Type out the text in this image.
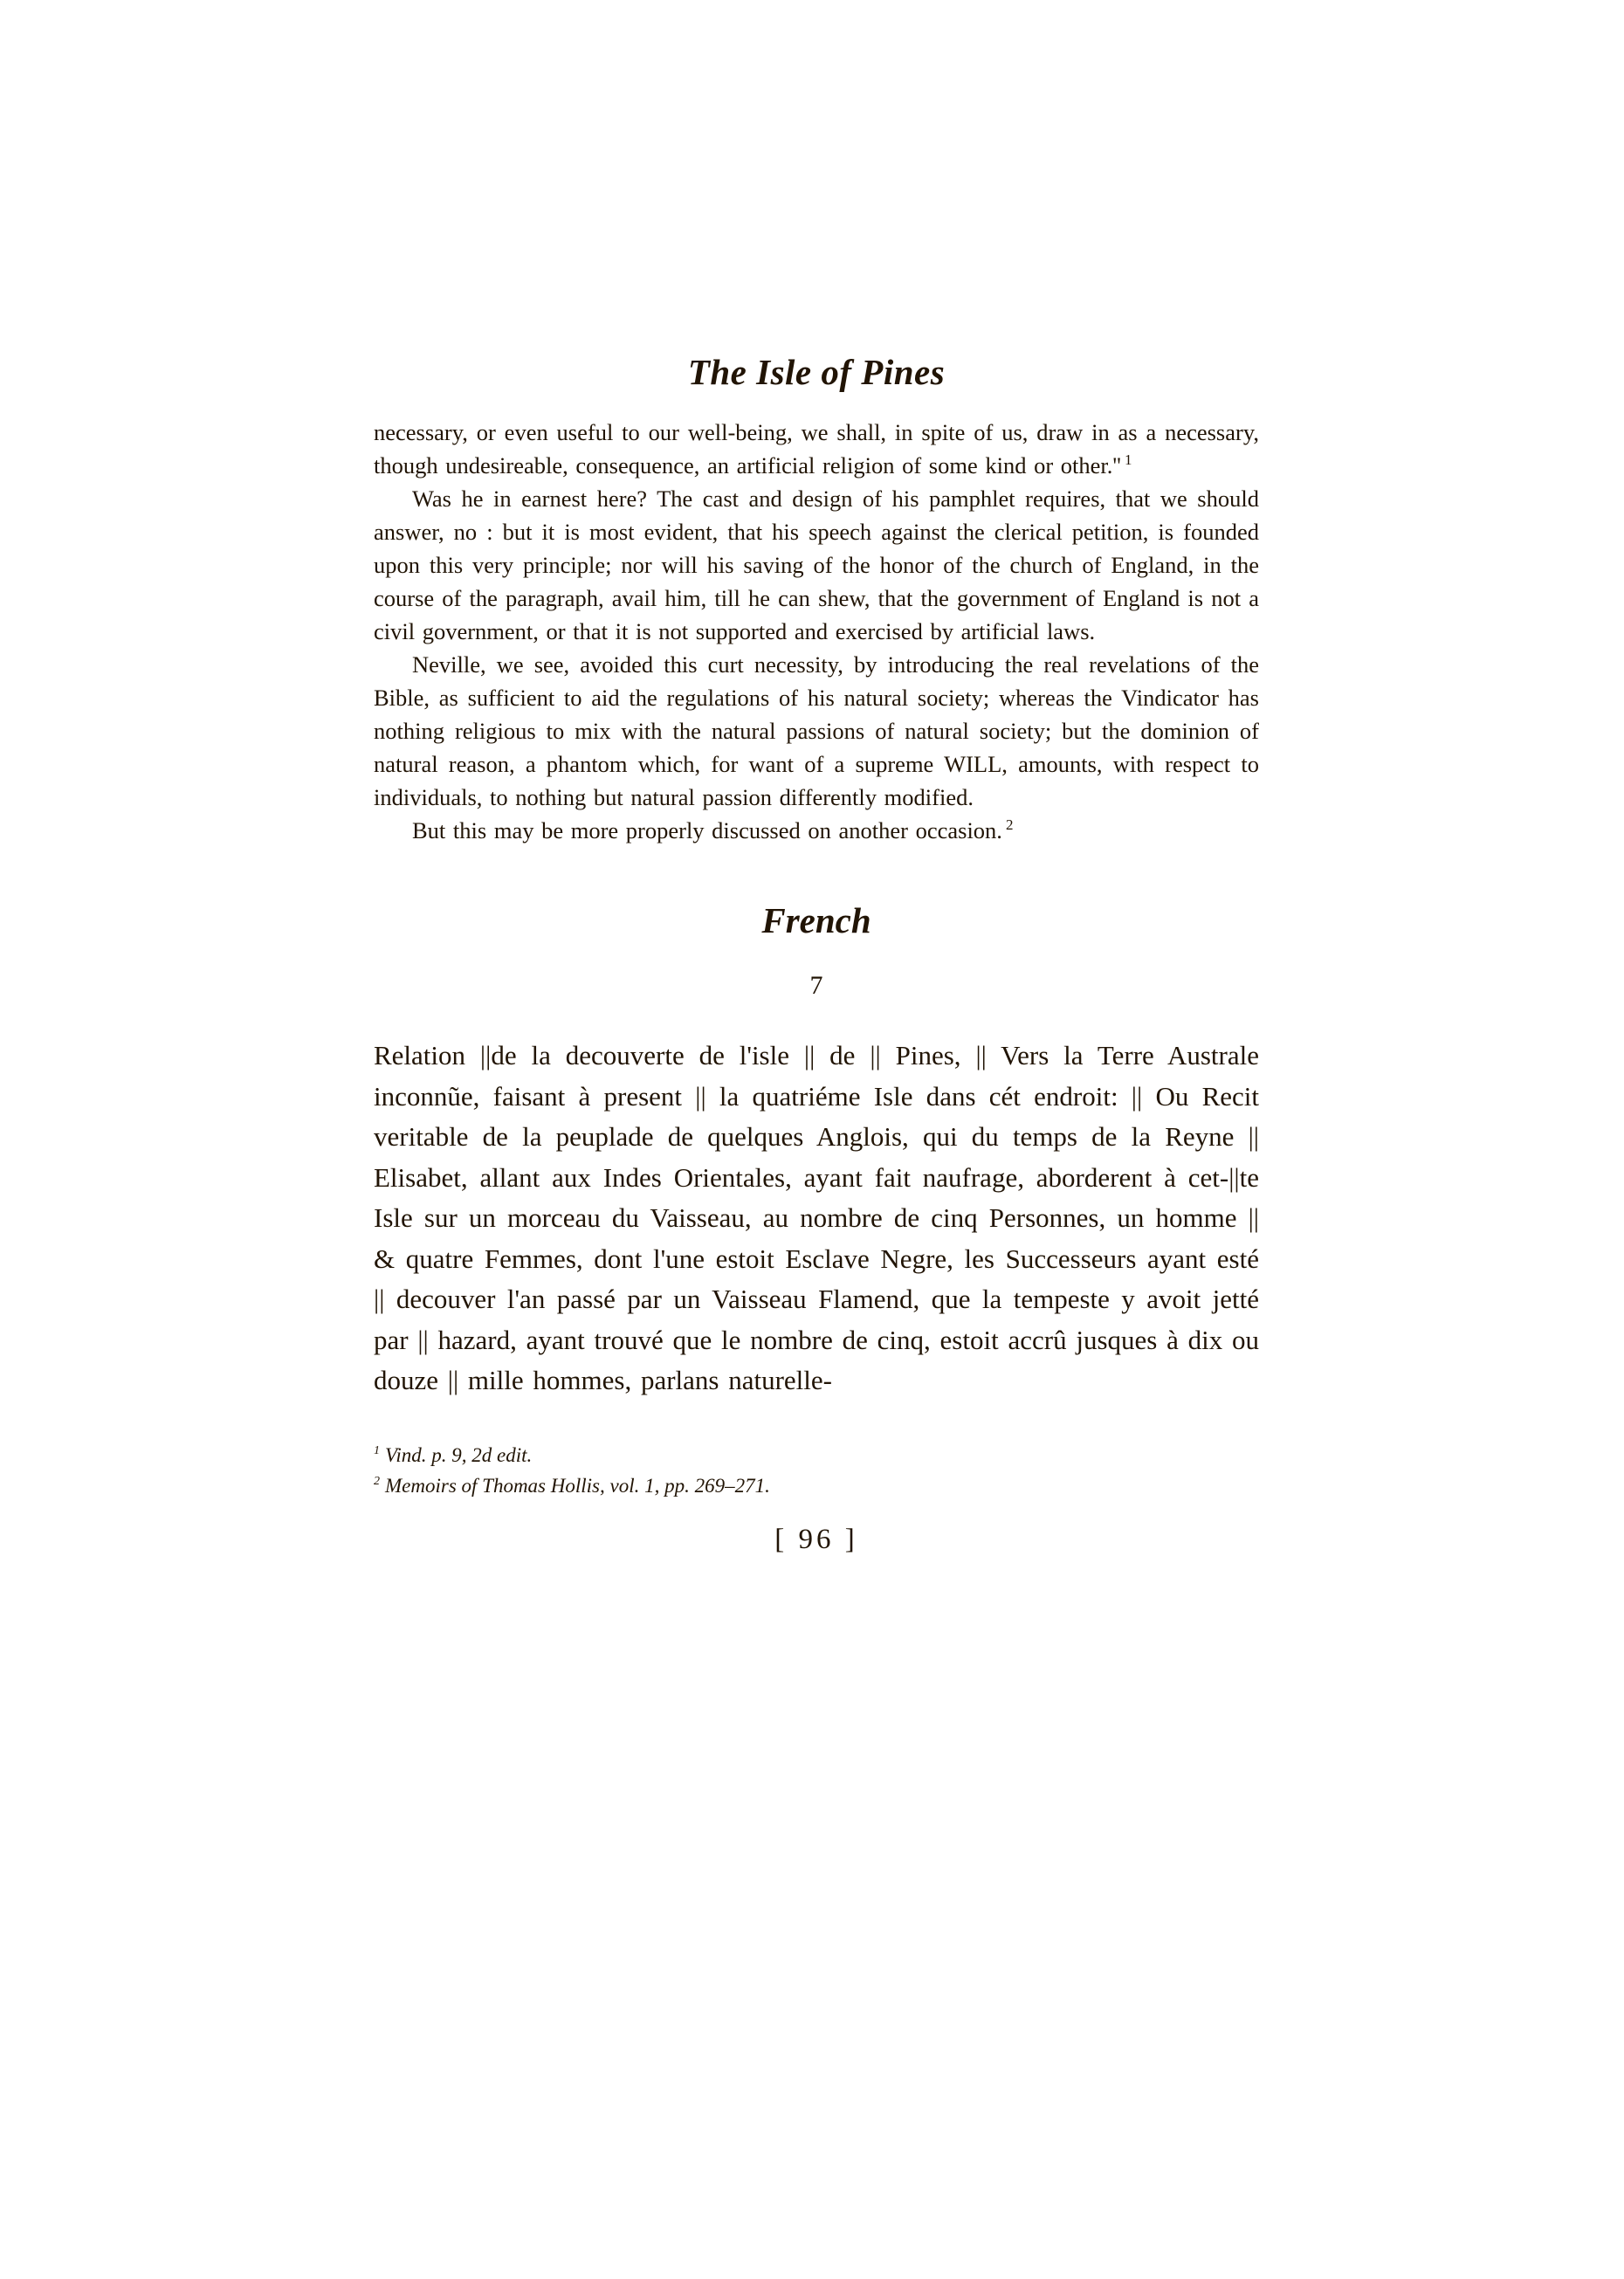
The Isle of Pines

necessary, or even useful to our well-being, we shall, in spite of us, draw in as a necessary, though undesireable, consequence, an artificial religion of some kind or other.'' $^1$

Was he in earnest here? The cast and design of his pamphlet requires, that we should answer, no : but it is most evident, that his speech against the clerical petition, is founded upon this very principle; nor will his saving of the honor of the church of England, in the course of the paragraph, avail him, till he can shew, that the government of England is not a civil government, or that it is not supported and exercised by artificial laws.

Neville, we see, avoided this curt necessity, by introducing the real revelations of the Bible, as sufficient to aid the regulations of his natural society; whereas the Vindicator has nothing religious to mix with the natural passions of natural society; but the dominion of natural reason, a phantom which, for want of a supreme WILL, amounts, with respect to individuals, to nothing but natural passion differently modified.

But this may be more properly discussed on another occasion. $^2$

French
7

Relation ||de la decouverte de l'isle || de || Pines, || Vers la Terre Australe inconnũe, faisant à present || la quatriéme Isle dans cét endroit: || Ou Recit veritable de la peuplade de quelques Anglois, qui du temps de la Reyne || Elisabet, allant aux Indes Orientales, ayant fait naufrage, aborderent à cet-||te Isle sur un morceau du Vaisseau, au nombre de cinq Personnes, un homme || & quatre Femmes, dont l'une estoit Esclave Negre, les Successeurs ayant esté || decouver l'an passé par un Vaisseau Flamend, que la tempeste y avoit jetté par || hazard, ayant trouvé que le nombre de cinq, estoit accrû jusques à dix ou douze || mille hommes, parlans naturelle-

$^1$ Vind. p. 9, 2d edit.

$^2$ Memoirs of Thomas Hollis, vol. 1, pp. 269–271.

[ 96 ]
